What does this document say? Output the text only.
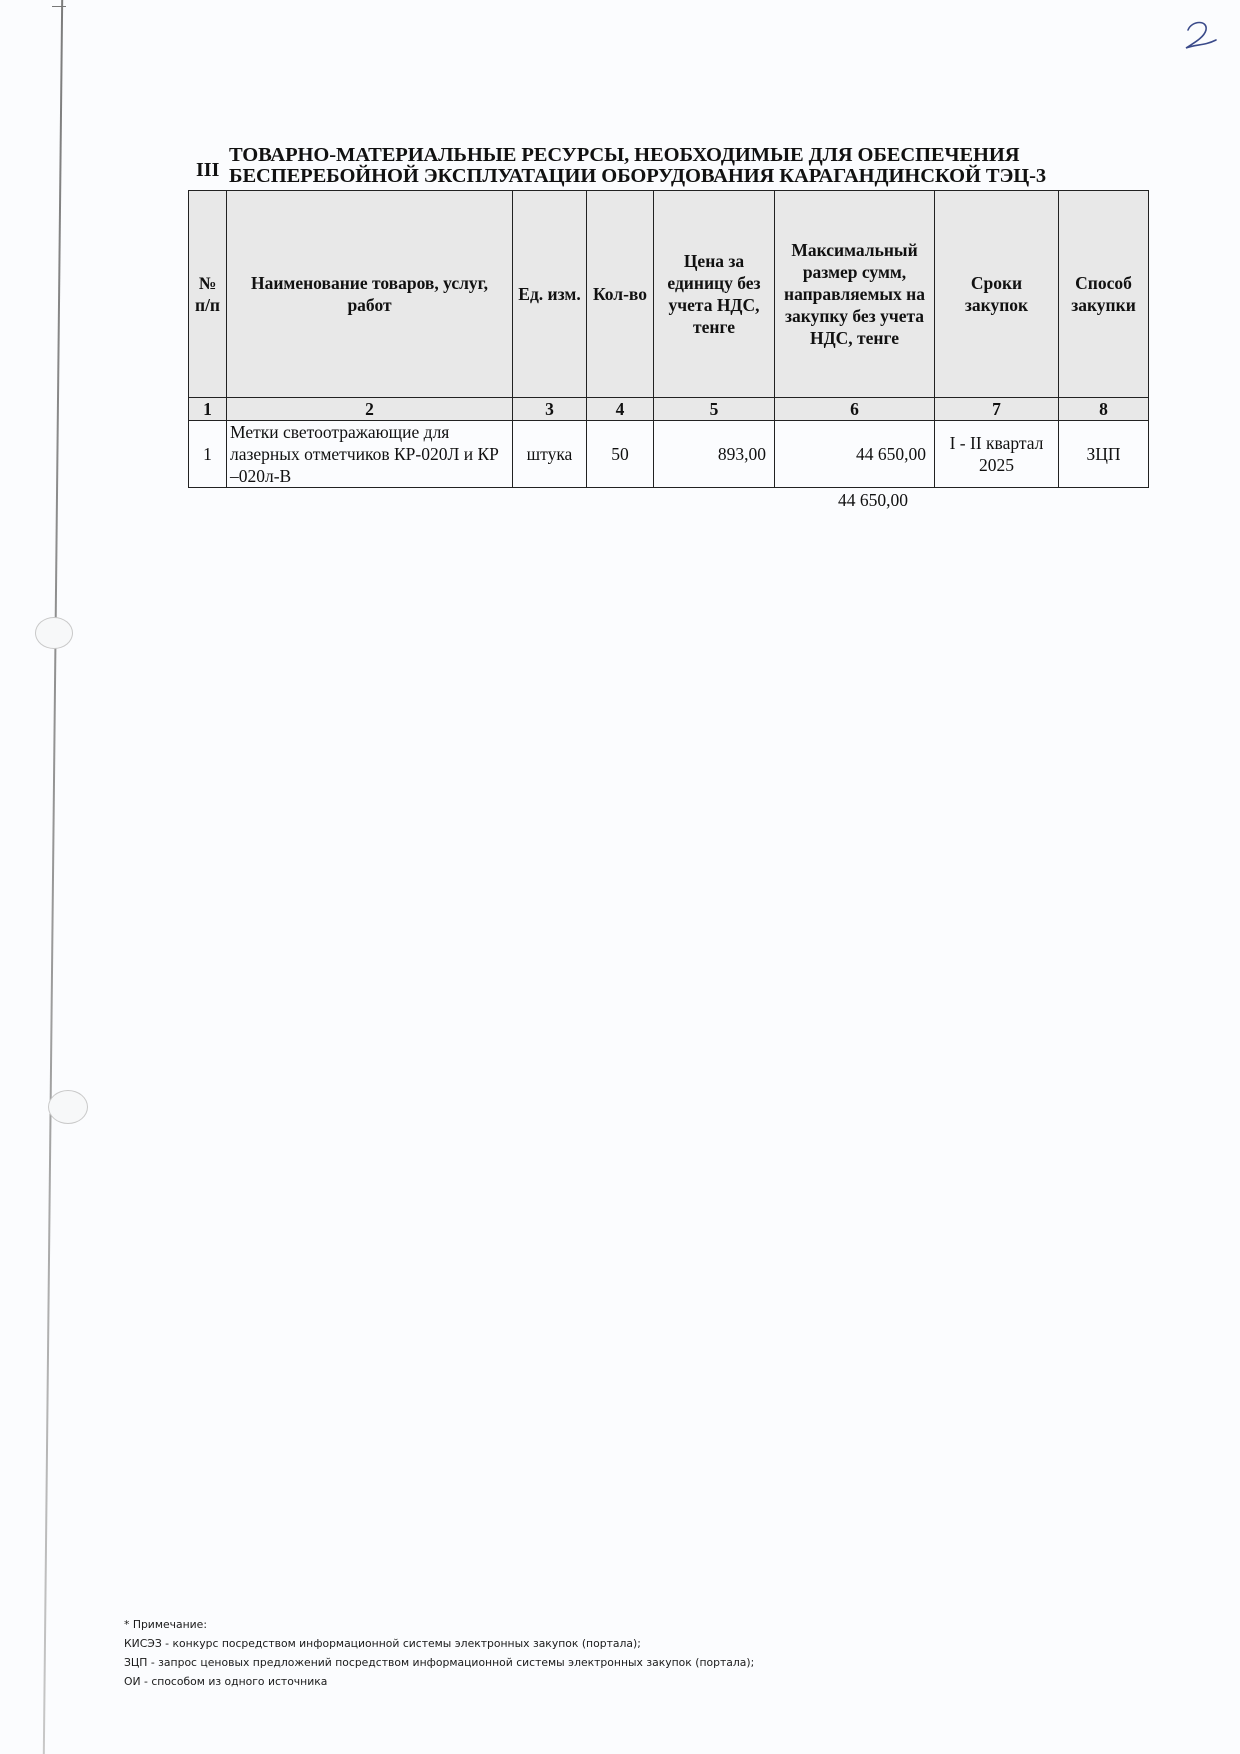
III
ТОВАРНО-МАТЕРИАЛЬНЫЕ РЕСУРСЫ, НЕОБХОДИМЫЕ ДЛЯ ОБЕСПЕЧЕНИЯ
БЕСПЕРЕБОЙНОЙ ЭКСПЛУАТАЦИИ ОБОРУДОВАНИЯ КАРАГАНДИНСКОЙ ТЭЦ-3
№ п/п	Наименование товаров, услуг, работ	Ед. изм.	Кол-во	Цена за единицу без учета НДС, тенге	Максимальный размер сумм, направляемых на закупку без учета НДС, тенге	Сроки закупок	Способ закупки
1	2	3	4	5	6	7	8
1	Метки светоотражающие для лазерных отметчиков КР-020Л и КР –020л-В	штука	50	893,00	44 650,00	I - II квартал 2025	ЗЦП
44 650,00
* Примечание:
КИСЭЗ - конкурс посредством информационной системы электронных закупок (портала);
ЗЦП - запрос ценовых предложений посредством информационной системы электронных закупок (портала);
ОИ - способом из одного источника
